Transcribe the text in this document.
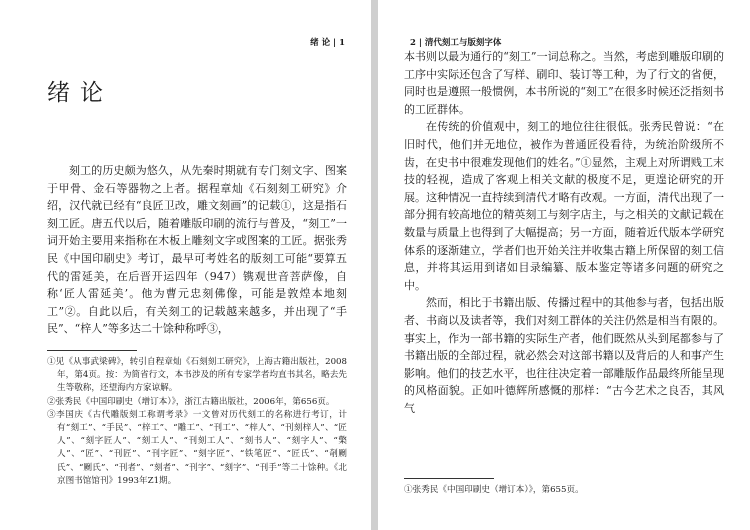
绪 论 | 1
绪论

刻工的历史颇为悠久，从先秦时期就有专门刻文字、图案于甲骨、金石等器物之上者。据程章灿《石刻刻工研究》介绍，汉代就已经有“良匠卫改，雕文刻画”的记载①，这是指石刻工匠。唐五代以后，随着雕版印刷的流行与普及，“刻工”一词开始主要用来指称在木板上雕刻文字或图案的工匠。据张秀民《中国印刷史》考订，最早可考姓名的版刻工可能“要算五代的雷延美，在后晋开运四年（947）镌观世音菩萨像，自称‘匠人雷延美’。他为曹元忠刻佛像，可能是敦煌本地刻工”②。自此以后，有关刻工的记载越来越多，并出现了“手民”、“梓人”等多达二十馀种称呼③，

①见《从事武梁碑》，转引自程章灿《石刻刻工研究》，上海古籍出版社，2008年，第4页。按：为简省行文，本书涉及的所有专家学者均直书其名，略去先生等敬称，还望海内方家谅解。
②张秀民《中国印刷史（增订本）》，浙江古籍出版社，2006年，第656页。
③李国庆《古代雕版刻工称谓考录》一文曾对历代刻工的名称进行考订，计有“刻工”、“手民”、“梓工”、“雕工”、“刊工”、“梓人”、“刊刻梓人”、“匠人”、“刻字匠人”、“刻工人”、“刊刻工人”、“刻书人”、“刻字人”、“檠人”、“匠”、“刊匠”、“刊字匠”、“刻字匠”、“铁笔匠”、“匠氏”、“剞劂氏”、“劂氏”、“刊者”、“刻者”、“刊字”、“刻字”、“刊手”等二十馀种。《北京图书馆馆刊》1993年Z1期。
2 | 清代刻工与版刻字体

本书则以最为通行的“刻工”一词总称之。当然，考虑到雕版印刷的工序中实际还包含了写样、刷印、装订等工种，为了行文的省便，同时也是遵照一般惯例，本书所说的“刻工”在很多时候还泛指刻书的工匠群体。

在传统的价值观中，刻工的地位往往很低。张秀民曾说：“在旧时代，他们并无地位，被作为普通匠役看待，为统治阶级所不齿，在史书中很难发现他们的姓名。”①显然，主观上对所谓贱工末技的轻视，造成了客观上相关文献的极度不足，更遑论研究的开展。这种情况一直持续到清代才略有改观。一方面，清代出现了一部分拥有较高地位的精英刻工与刻字店主，与之相关的文献记载在数量与质量上也得到了大幅提高；另一方面，随着近代版本学研究体系的逐渐建立，学者们也开始关注并收集古籍上所保留的刻工信息，并将其运用到诸如目录编纂、版本鉴定等诸多问题的研究之中。

然而，相比于书籍出版、传播过程中的其他参与者，包括出版者、书商以及读者等，我们对刻工群体的关注仍然是相当有限的。事实上，作为一部书籍的实际生产者，他们既然从头到尾都参与了书籍出版的全部过程，就必然会对这部书籍以及背后的人和事产生影响。他们的技艺水平，也往往决定着一部雕版作品最终所能呈现的风格面貌。正如叶德辉所感慨的那样：“古今艺术之良否，其风气

①张秀民《中国印刷史（增订本）》，第655页。
